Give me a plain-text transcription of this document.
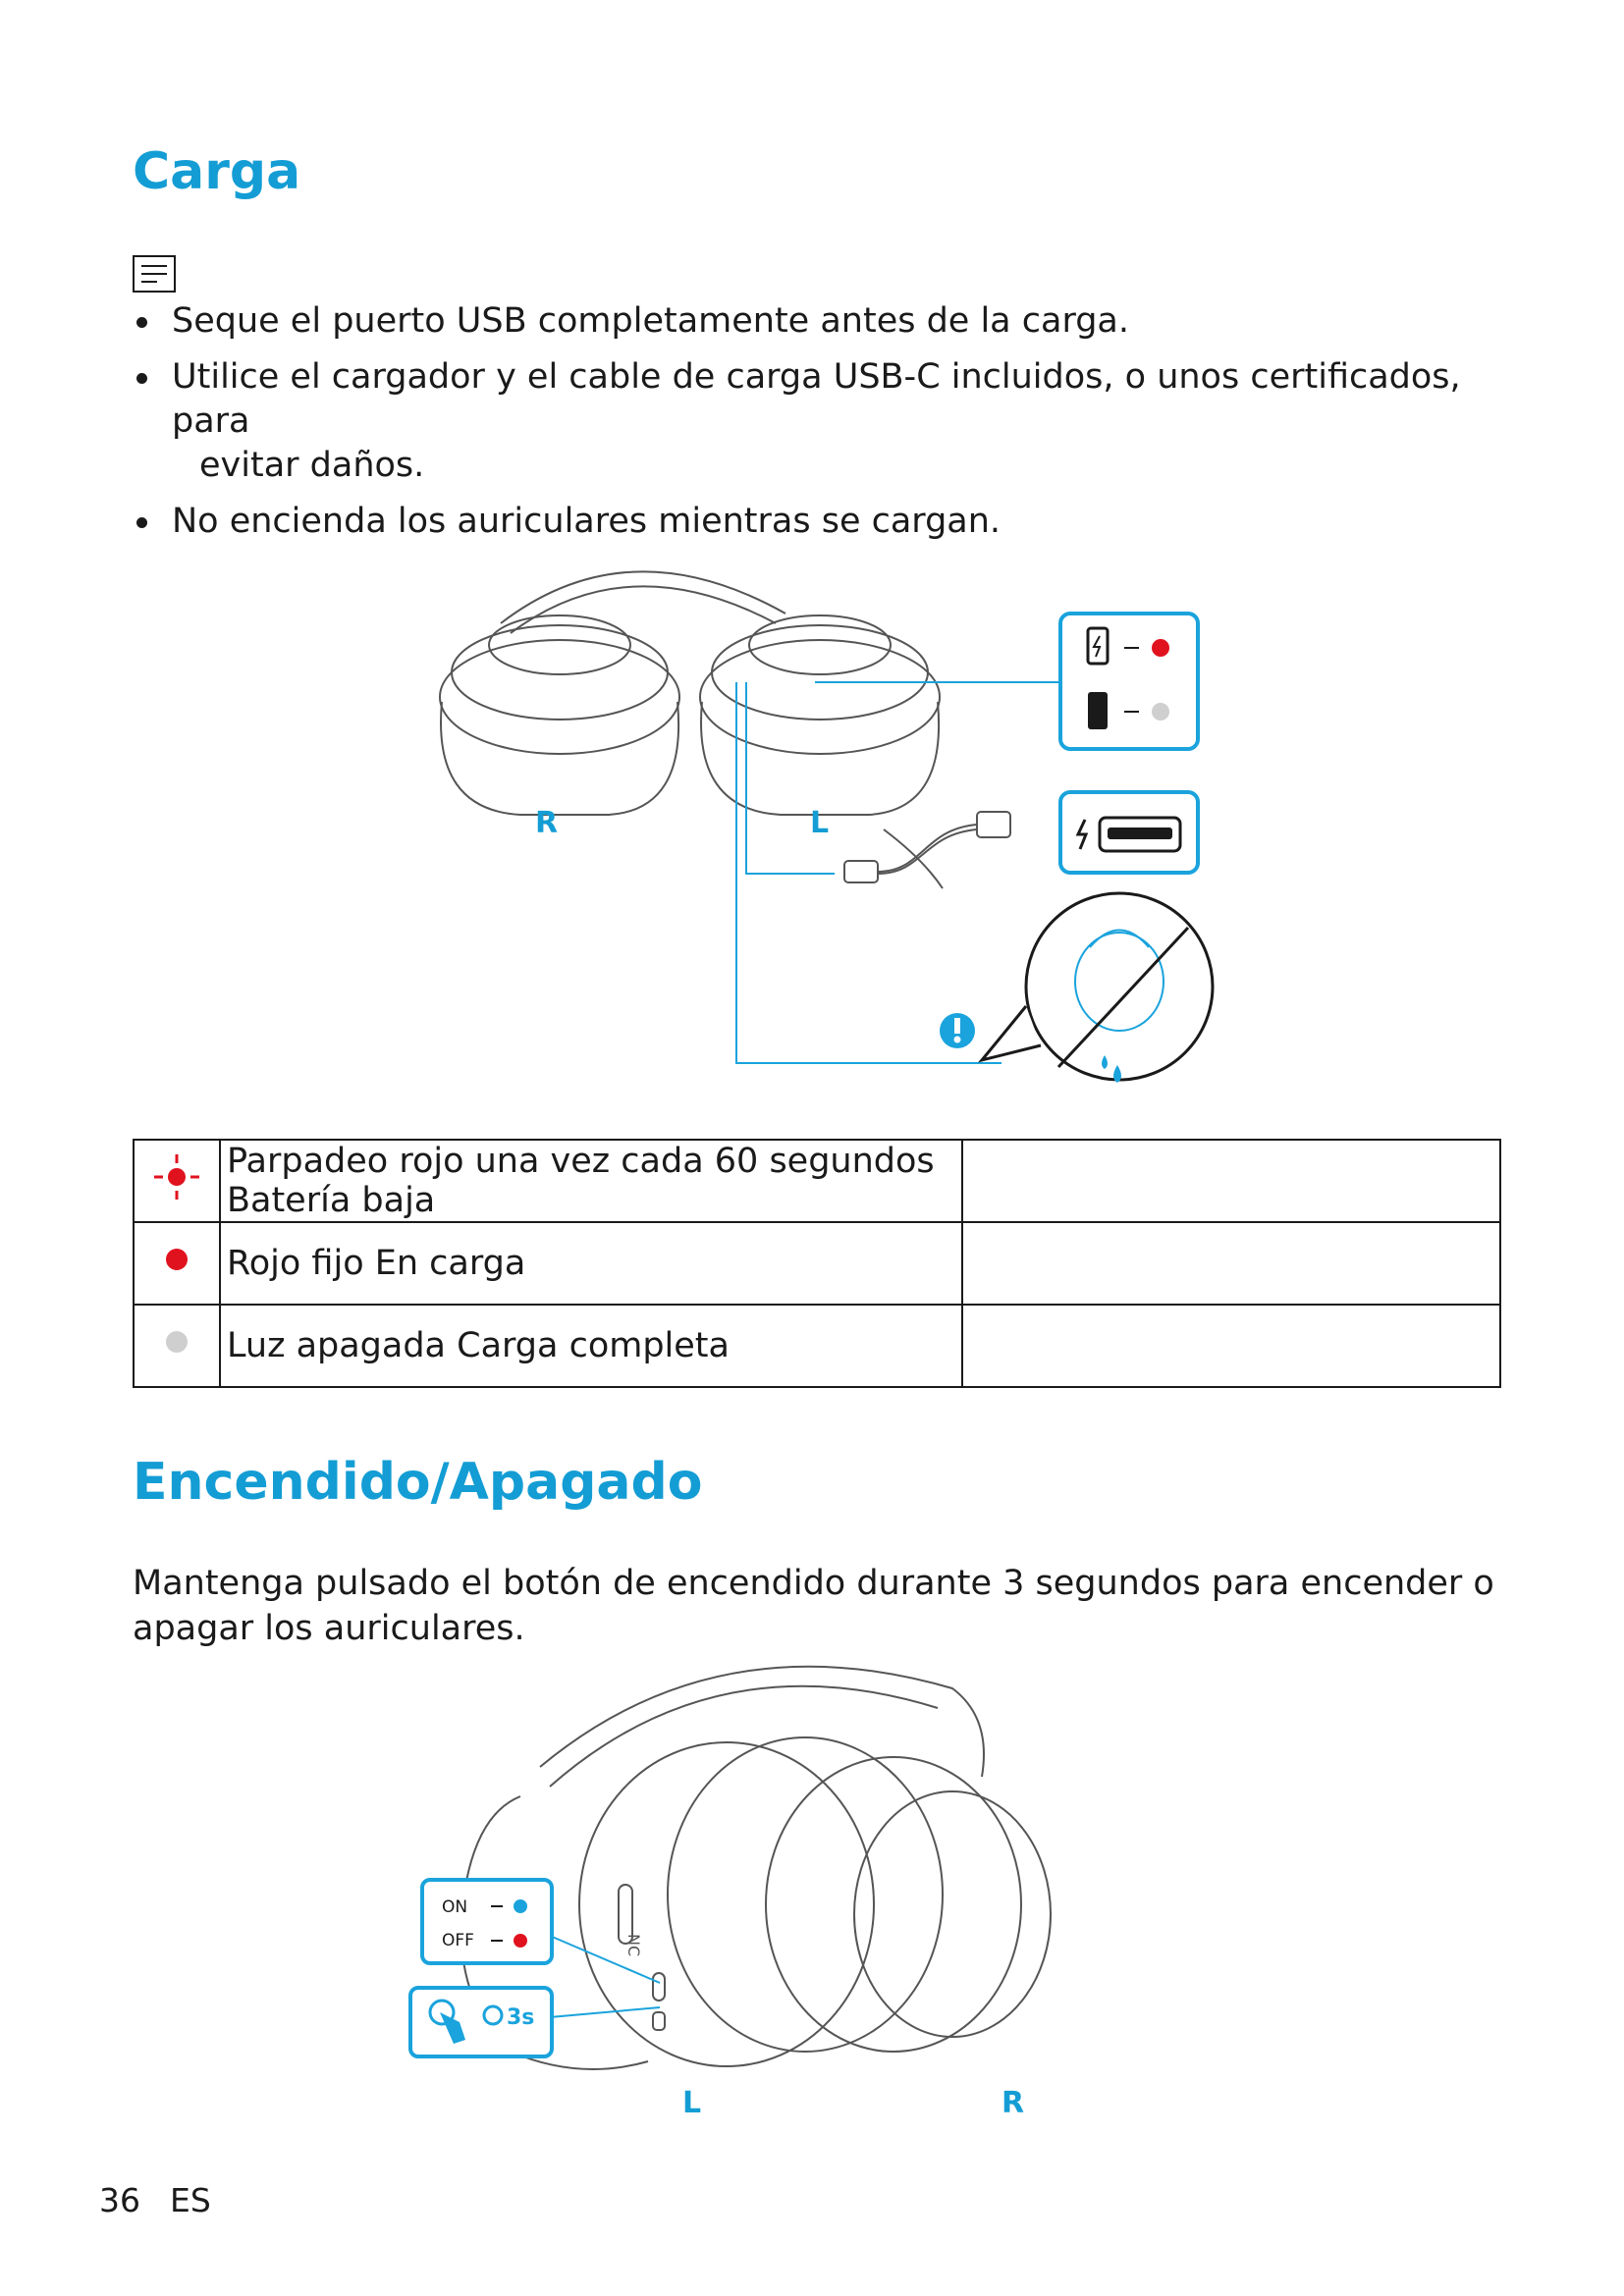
Carga
Seque el puerto USB completamente antes de la carga.
Utilice el cargador y el cable de carga USB-C incluidos, o unos certificados, para
evitar daños.
No encienda los auriculares mientras se cargan.
R	L
	Parpadeo rojo una vez cada 60 segundos Batería baja	
	Rojo fijo En carga	
	Luz apagada Carga completa	
Encendido/Apagado

Mantenga pulsado el botón de encendido durante 3 segundos para encender o apagar los auriculares.

ON
OFF
3s
NC
L	R
36 ES
